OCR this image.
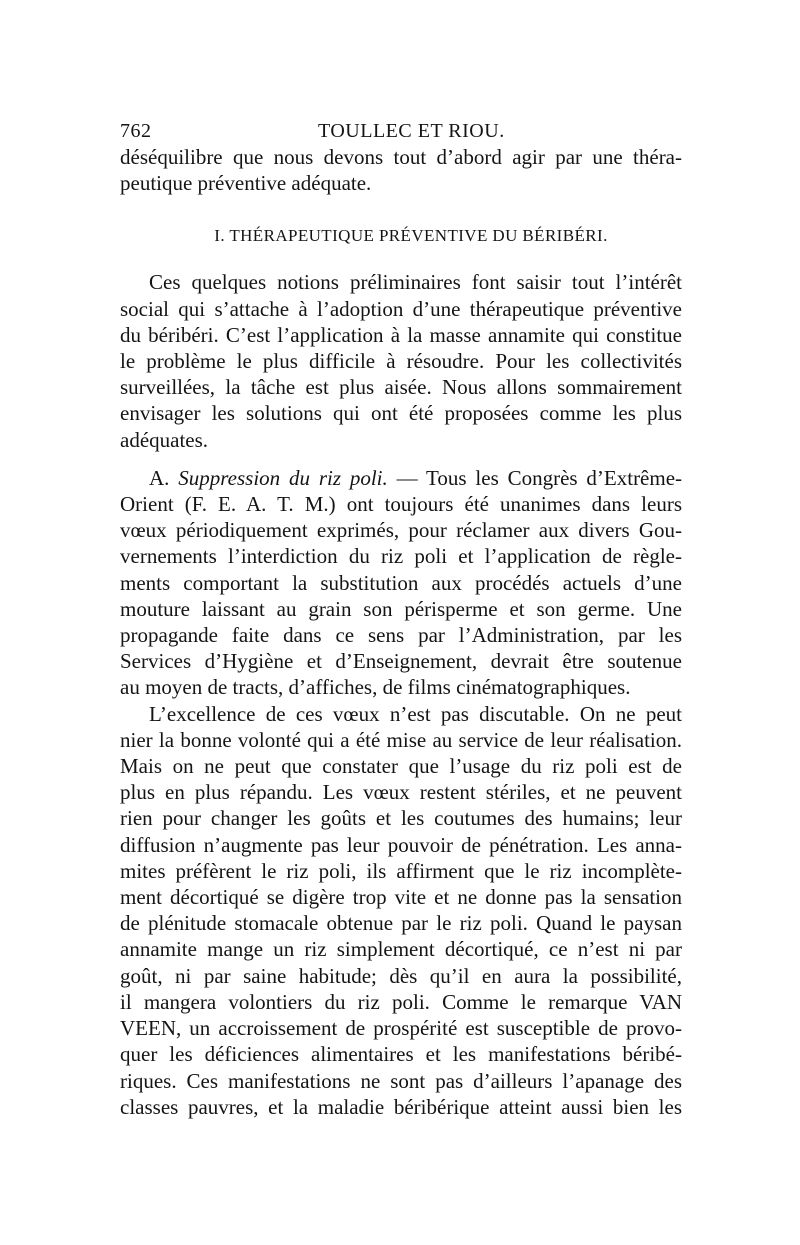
762	TOULLEC ET RIOU.
déséquilibre que nous devons tout d’abord agir par une théra-
peutique préventive adéquate.
I. THÉRAPEUTIQUE PRÉVENTIVE DU BÉRIBÉRI.
Ces quelques notions préliminaires font saisir tout l’intérêt
social qui s’attache à l’adoption d’une thérapeutique préventive
du béribéri. C’est l’application à la masse annamite qui constitue
le problème le plus difficile à résoudre. Pour les collectivités
surveillées, la tâche est plus aisée. Nous allons sommairement
envisager les solutions qui ont été proposées comme les plus
adéquates.
A. Suppression du riz poli. — Tous les Congrès d’Extrême-
Orient (F. E. A. T. M.) ont toujours été unanimes dans leurs
vœux périodiquement exprimés, pour réclamer aux divers Gou-
vernements l’interdiction du riz poli et l’application de règle-
ments comportant la substitution aux procédés actuels d’une
mouture laissant au grain son périsperme et son germe. Une
propagande faite dans ce sens par l’Administration, par les
Services d’Hygiène et d’Enseignement, devrait être soutenue
au moyen de tracts, d’affiches, de films cinématographiques.
L’excellence de ces vœux n’est pas discutable. On ne peut
nier la bonne volonté qui a été mise au service de leur réalisation.
Mais on ne peut que constater que l’usage du riz poli est de
plus en plus répandu. Les vœux restent stériles, et ne peuvent
rien pour changer les goûts et les coutumes des humains; leur
diffusion n’augmente pas leur pouvoir de pénétration. Les anna-
mites préfèrent le riz poli, ils affirment que le riz incomplète-
ment décortiqué se digère trop vite et ne donne pas la sensation
de plénitude stomacale obtenue par le riz poli. Quand le paysan
annamite mange un riz simplement décortiqué, ce n’est ni par
goût, ni par saine habitude; dès qu’il en aura la possibilité,
il mangera volontiers du riz poli. Comme le remarque VAN
VEEN, un accroissement de prospérité est susceptible de provo-
quer les déficiences alimentaires et les manifestations béribé-
riques. Ces manifestations ne sont pas d’ailleurs l’apanage des
classes pauvres, et la maladie béribérique atteint aussi bien les
